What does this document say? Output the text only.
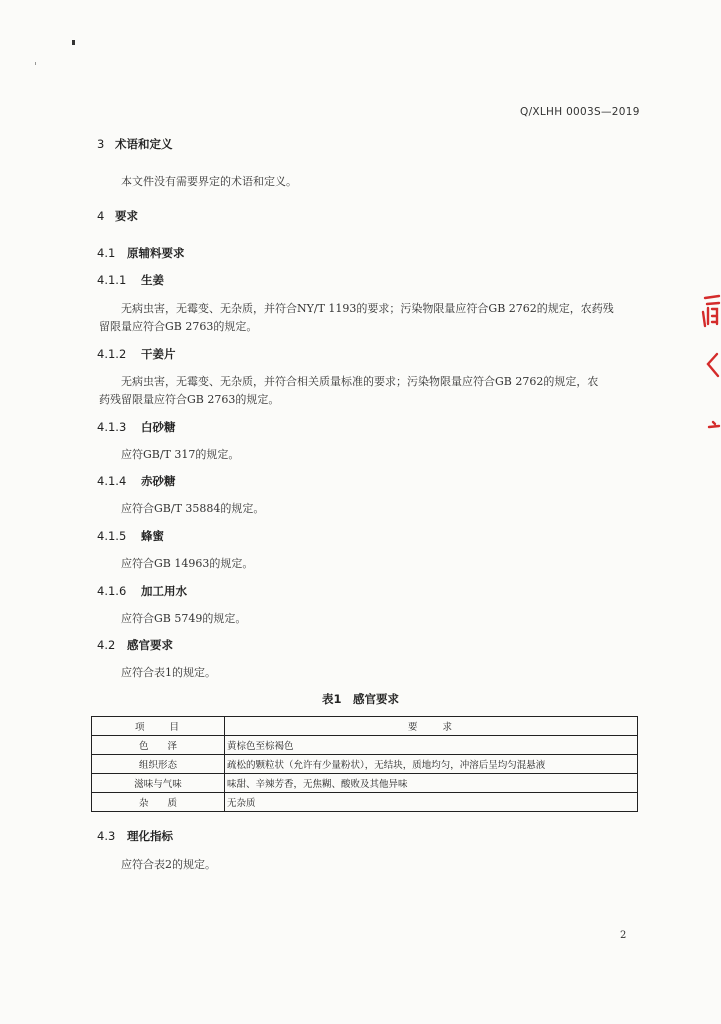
Q/XLHH 0003S—2019
3 术语和定义
本文件没有需要界定的术语和定义。
4 要求
4.1 原辅料要求
4.1.1 生姜
无病虫害，无霉变、无杂质，并符合NY/T 1193的要求；污染物限量应符合GB 2762的规定，农药残
留限量应符合GB 2763的规定。
4.1.2 干姜片
无病虫害，无霉变、无杂质，并符合相关质量标准的要求；污染物限量应符合GB 2762的规定，农
药残留限量应符合GB 2763的规定。
4.1.3 白砂糖
应符GB/T 317的规定。
4.1.4 赤砂糖
应符合GB/T 35884的规定。
4.1.5 蜂蜜
应符合GB 14963的规定。
4.1.6 加工用水
应符合GB 5749的规定。
4.2 感官要求
应符合表1的规定。
表1　感官要求
项　　目	要　　求
色　　泽	黄棕色至棕褐色
组织形态	疏松的颗粒状（允许有少量粉状），无结块，质地均匀，冲溶后呈均匀混悬液
滋味与气味	味甜、辛辣芳香，无焦糊、酸败及其他异味
杂　　质	无杂质
4.3 理化指标
应符合表2的规定。
2
